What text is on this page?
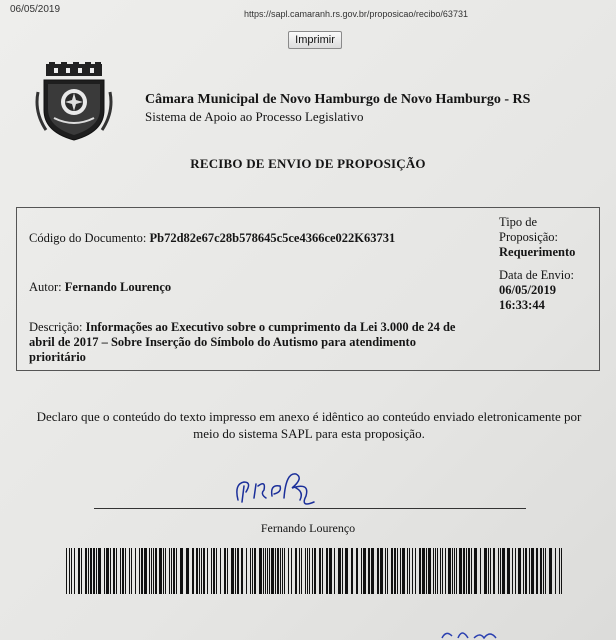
06/05/2019	https://sapl.camaranh.rs.gov.br/proposicao/recibo/63731
Imprimir
Câmara Municipal de Novo Hamburgo de Novo Hamburgo - RS
Sistema de Apoio ao Processo Legislativo
RECIBO DE ENVIO DE PROPOSIÇÃO
Código do Documento: Pb72d82e67c28b578645c5ce4366ce022K63731
Tipo de
Proposição:
Requerimento
Autor: Fernando Lourenço
Data de Envio:
06/05/2019
16:33:44
Descrição: Informações ao Executivo sobre o cumprimento da Lei 3.000 de 24 de
abril de 2017 – Sobre Inserção do Símbolo do Autismo para atendimento
prioritário
Declaro que o conteúdo do texto impresso em anexo é idêntico ao conteúdo enviado eletronicamente por
meio do sistema SAPL para esta proposição.
Fernando Lourenço
